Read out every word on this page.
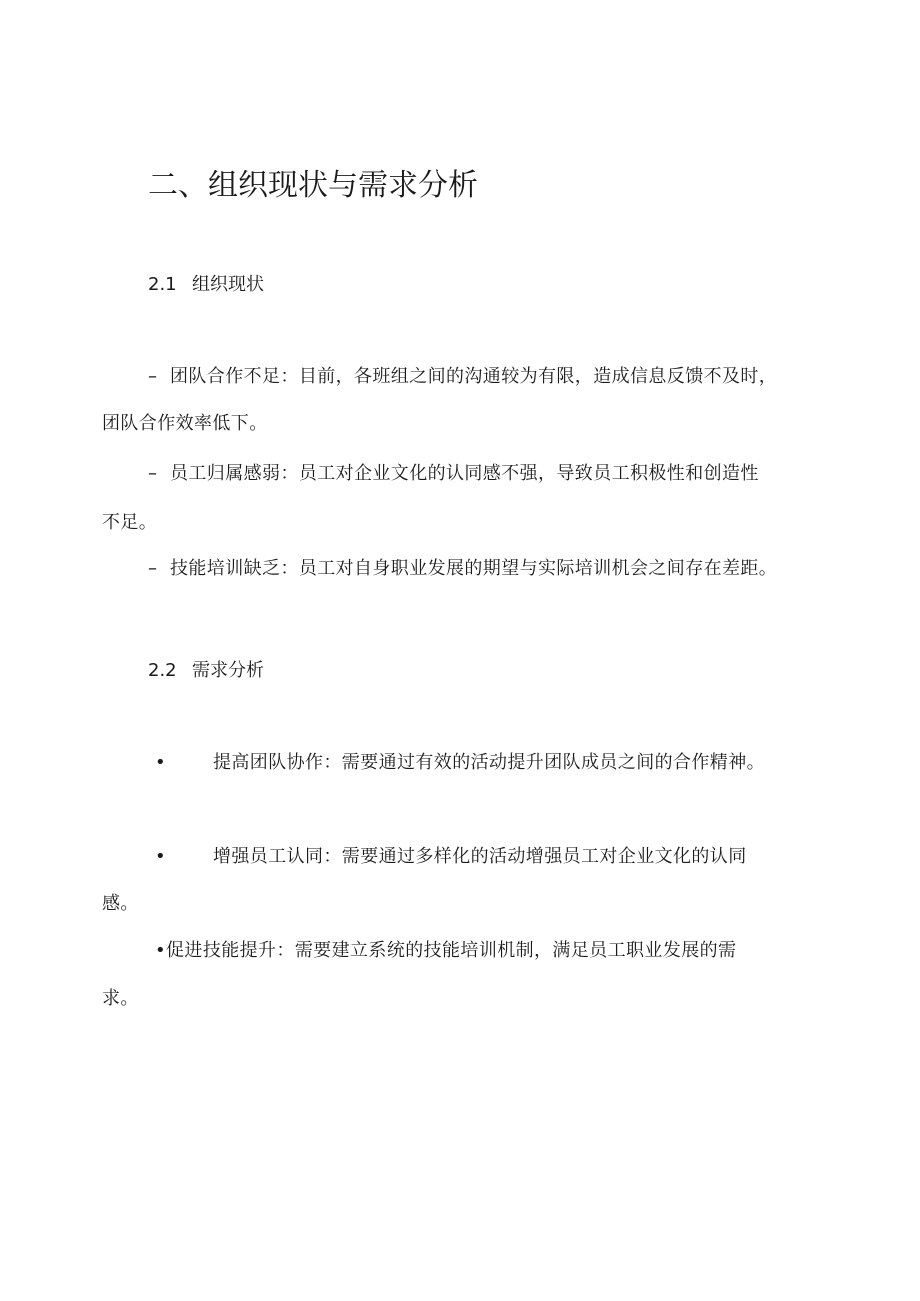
二、组织现状与需求分析
2.1 组织现状
– 团队合作不足：目前，各班组之间的沟通较为有限，造成信息反馈不及时，
团队合作效率低下。
– 员工归属感弱：员工对企业文化的认同感不强，导致员工积极性和创造性
不足。
– 技能培训缺乏：员工对自身职业发展的期望与实际培训机会之间存在差距。
2.2 需求分析
•	提高团队协作：需要通过有效的活动提升团队成员之间的合作精神。
•	增强员工认同：需要通过多样化的活动增强员工对企业文化的认同
感。
•促进技能提升：需要建立系统的技能培训机制，满足员工职业发展的需
求。
